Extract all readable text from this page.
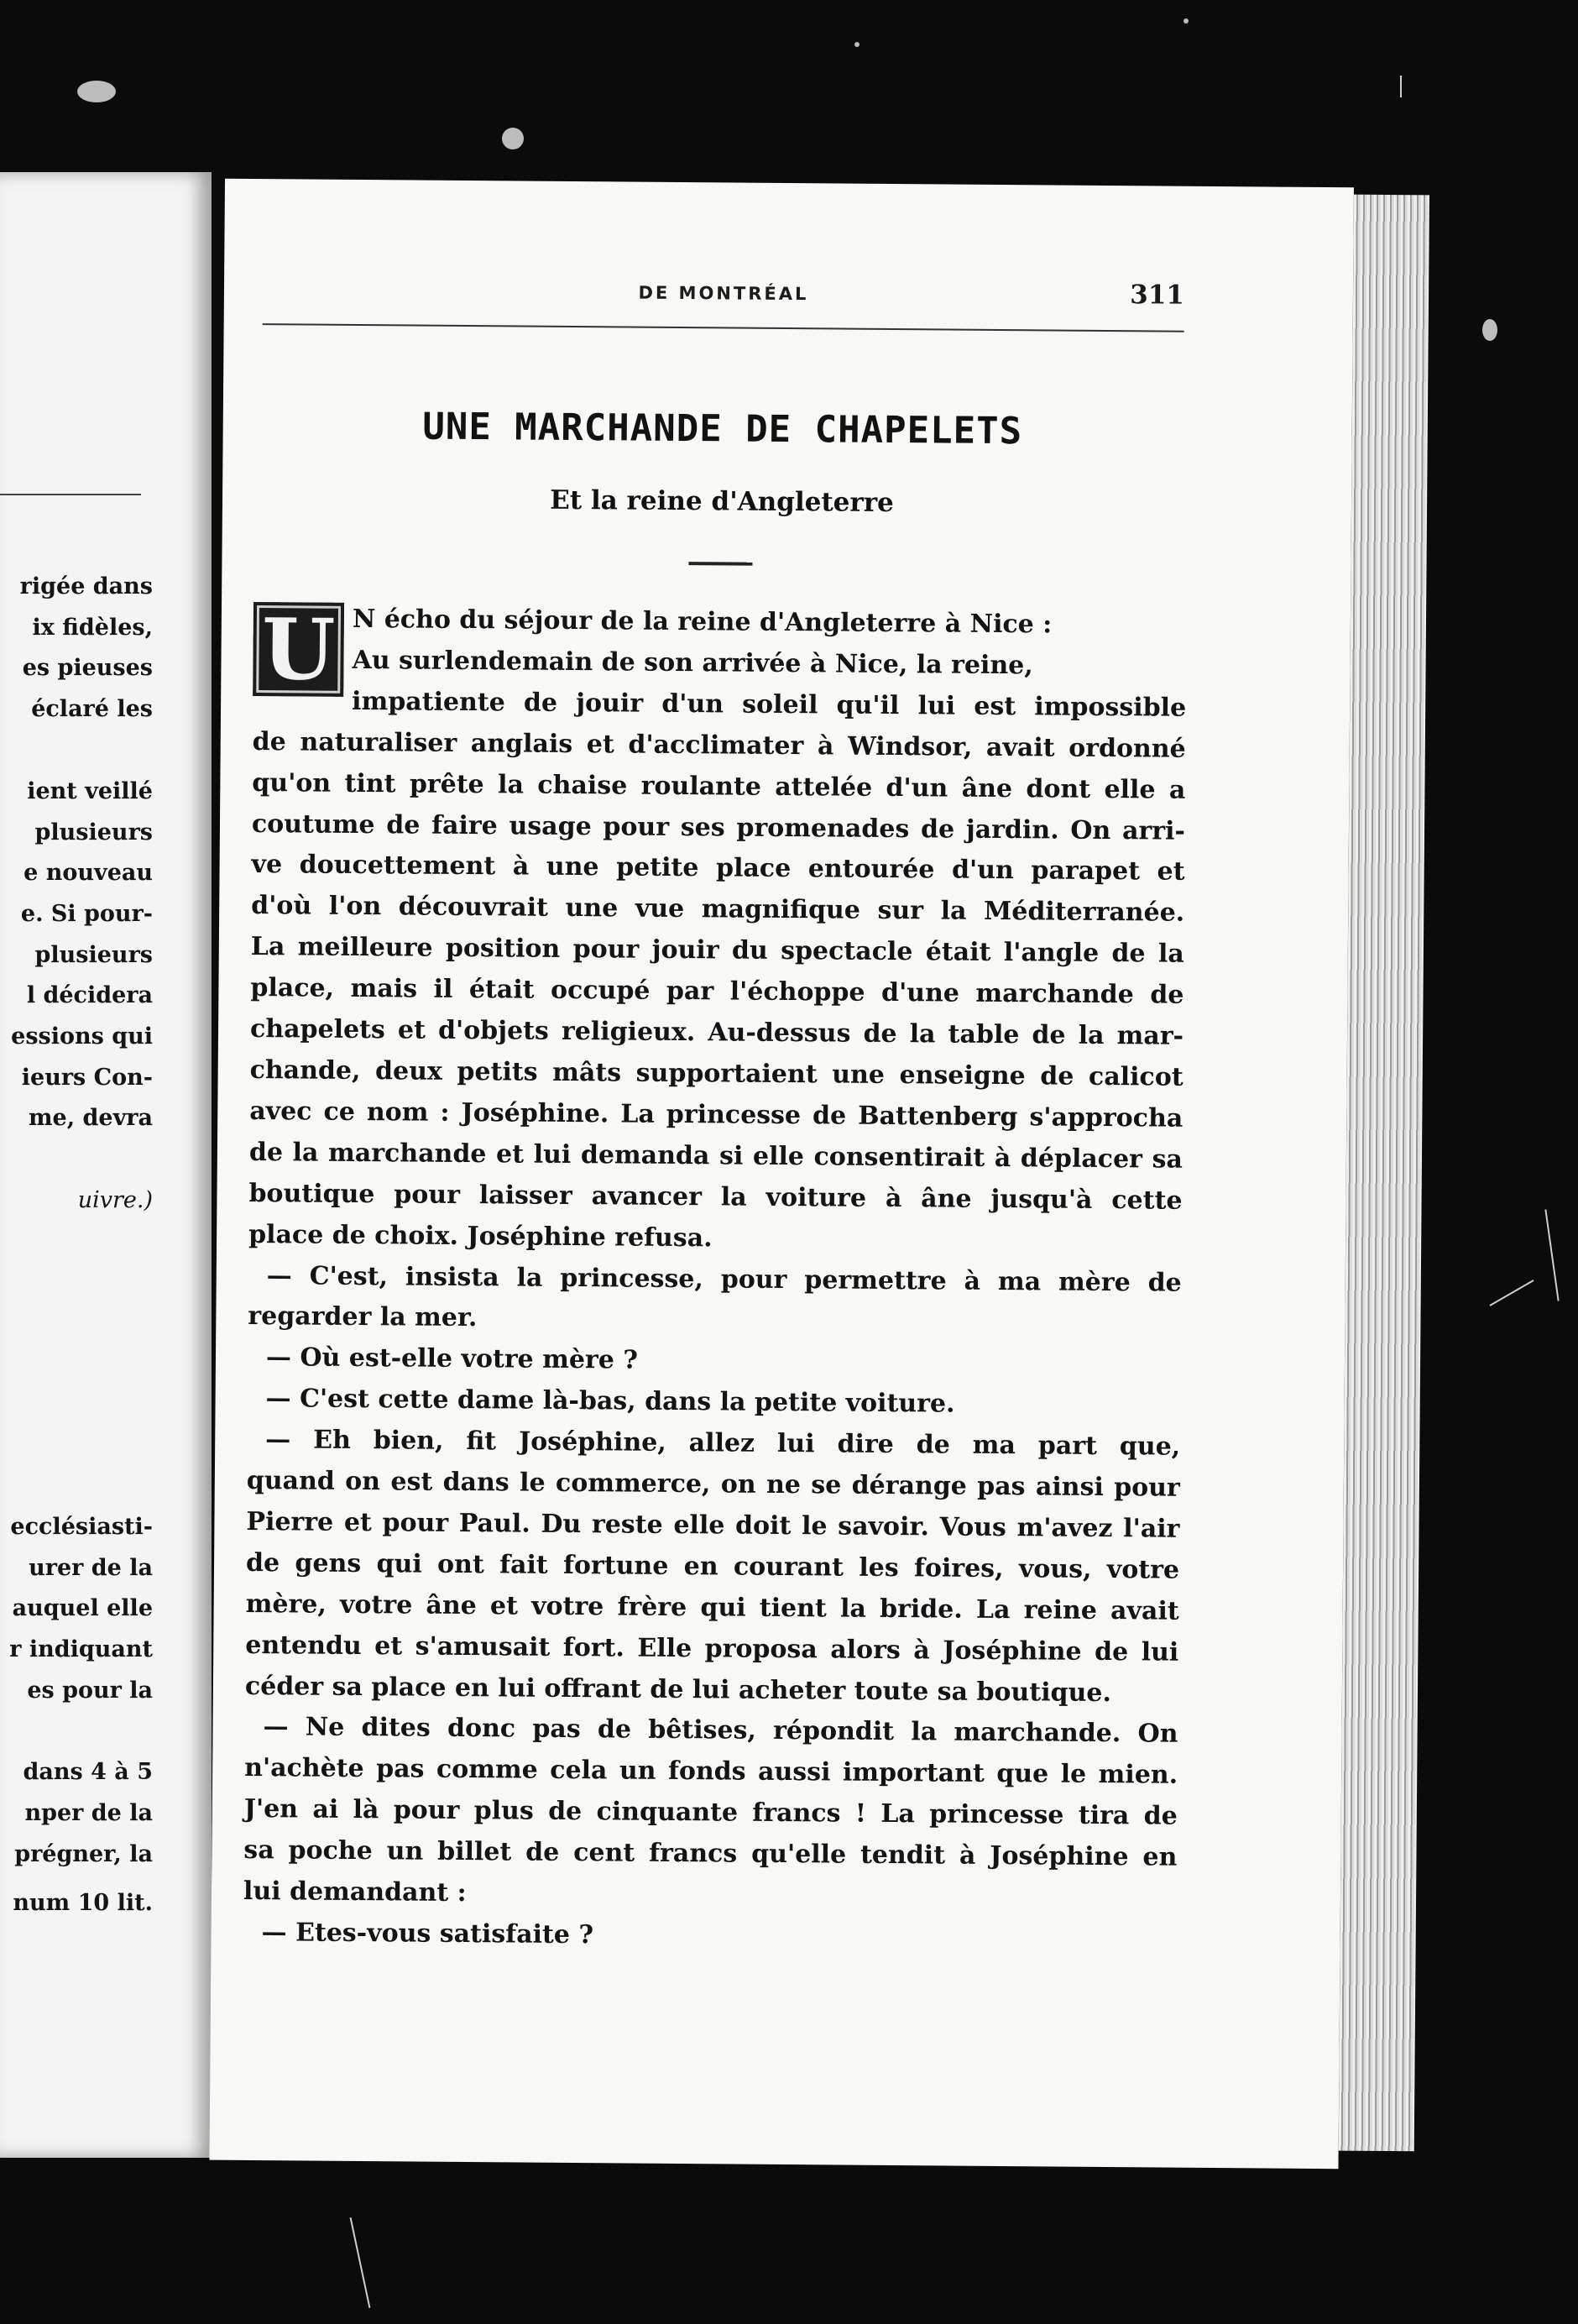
rigée dans
ix fidèles,
es pieuses
éclaré les
ient veillé
plusieurs
e nouveau
e. Si pour-
plusieurs
l décidera
essions qui
ieurs Con-
me, devra
uivre.)
ecclésiasti-
urer de la
auquel elle
r indiquant
es pour la
dans 4 à 5
nper de la
prégner, la
num 10 lit.
DE MONTRÉAL	311
UNE MARCHANDE DE CHAPELETS
Et la reine d'Angleterre
U N écho du séjour de la reine d'Angleterre à Nice :
Au surlendemain de son arrivée à Nice, la reine,
impatiente de jouir d'un soleil qu'il lui est impossible
de naturaliser anglais et d'acclimater à Windsor, avait ordonné
qu'on tint prête la chaise roulante attelée d'un âne dont elle a
coutume de faire usage pour ses promenades de jardin. On arri-
ve doucettement à une petite place entourée d'un parapet et
d'où l'on découvrait une vue magnifique sur la Méditerranée.
La meilleure position pour jouir du spectacle était l'angle de la
place, mais il était occupé par l'échoppe d'une marchande de
chapelets et d'objets religieux. Au-dessus de la table de la mar-
chande, deux petits mâts supportaient une enseigne de calicot
avec ce nom : Joséphine. La princesse de Battenberg s'approcha
de la marchande et lui demanda si elle consentirait à déplacer sa
boutique pour laisser avancer la voiture à âne jusqu'à cette
place de choix. Joséphine refusa.
— C'est, insista la princesse, pour permettre à ma mère de
regarder la mer.
— Où est-elle votre mère ?
— C'est cette dame là-bas, dans la petite voiture.
— Eh bien, fit Joséphine, allez lui dire de ma part que,
quand on est dans le commerce, on ne se dérange pas ainsi pour
Pierre et pour Paul. Du reste elle doit le savoir. Vous m'avez l'air
de gens qui ont fait fortune en courant les foires, vous, votre
mère, votre âne et votre frère qui tient la bride. La reine avait
entendu et s'amusait fort. Elle proposa alors à Joséphine de lui
céder sa place en lui offrant de lui acheter toute sa boutique.
— Ne dites donc pas de bêtises, répondit la marchande. On
n'achète pas comme cela un fonds aussi important que le mien.
J'en ai là pour plus de cinquante francs ! La princesse tira de
sa poche un billet de cent francs qu'elle tendit à Joséphine en
lui demandant :
— Etes-vous satisfaite ?
